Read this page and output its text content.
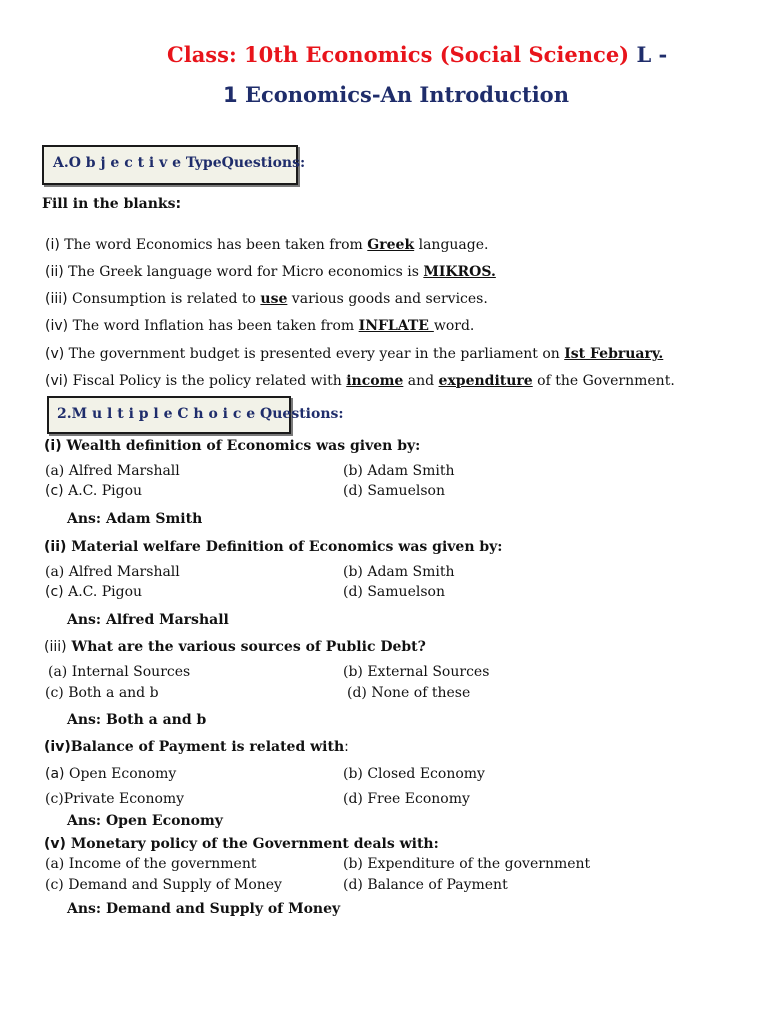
Class: 10th Economics (Social Science) L -
1 Economics-An Introduction
A.O b j e c t i v e TypeQuestions:
Fill in the blanks:
(i) The word Economics has been taken from Greek language.
(ii) The Greek language word for Micro economics is MIKROS.
(iii) Consumption is related to use various goods and services.
(iv) The word Inflation has been taken from INFLATE word.
(v) The government budget is presented every year in the parliament on Ist February.
(vi) Fiscal Policy is the policy related with income and expenditure of the Government.
2.M u l t i p l e C h o i c e Questions:
(i) Wealth definition of Economics was given by:
(a) Alfred Marshall	(b) Adam Smith
(c) A.C. Pigou	(d) Samuelson
Ans: Adam Smith
(ii) Material welfare Definition of Economics was given by:
(a) Alfred Marshall	(b) Adam Smith
(c) A.C. Pigou	(d) Samuelson
Ans: Alfred Marshall
(iii) What are the various sources of Public Debt?
(a) Internal Sources	(b) External Sources
(c) Both a and b	(d) None of these
Ans: Both a and b
(iv)Balance of Payment is related with:
(a) Open Economy	(b) Closed Economy
(c)Private Economy	(d) Free Economy
Ans: Open Economy
(v) Monetary policy of the Government deals with:
(a) Income of the government	(b) Expenditure of the government
(c) Demand and Supply of Money	(d) Balance of Payment
Ans: Demand and Supply of Money
